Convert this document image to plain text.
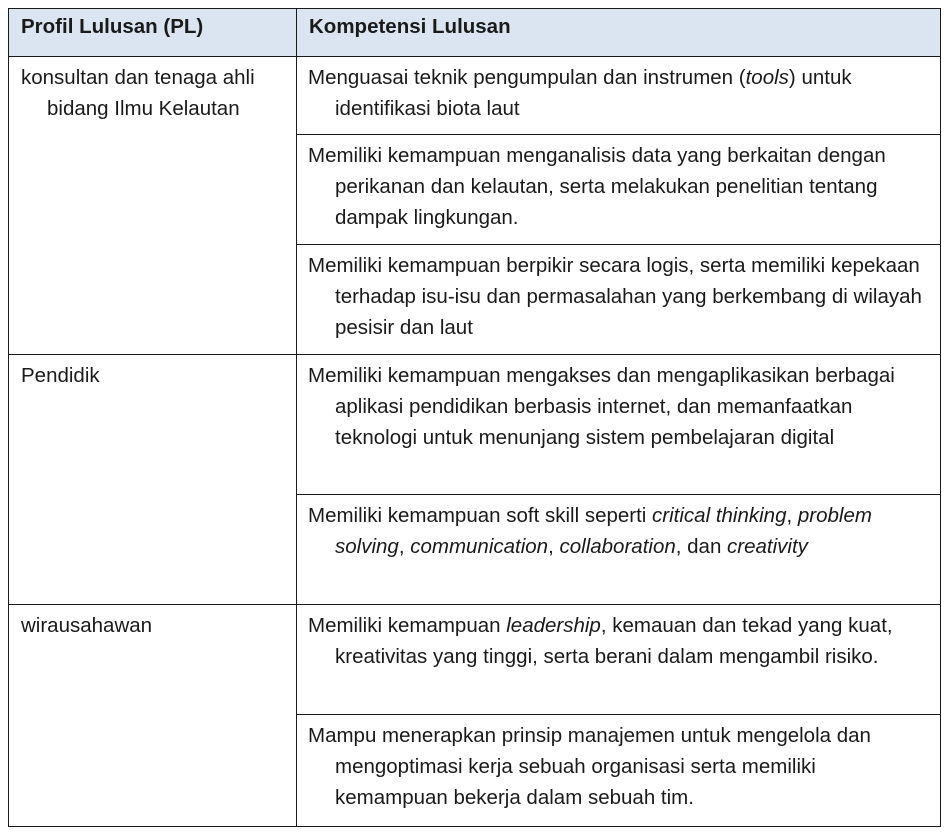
Profil Lulusan (PL)	Kompetensi Lulusan

konsultan dan tenaga ahli bidang Ilmu Kelautan	Menguasai teknik pengumpulan dan instrumen (tools) untuk identifikasi biota laut

	Memiliki kemampuan menganalisis data yang berkaitan dengan perikanan dan kelautan, serta melakukan penelitian tentang dampak lingkungan.

	Memiliki kemampuan berpikir secara logis, serta memiliki kepekaan terhadap isu-isu dan permasalahan yang berkembang di wilayah pesisir dan laut

Pendidik	Memiliki kemampuan mengakses dan mengaplikasikan berbagai aplikasi pendidikan berbasis internet, dan memanfaatkan teknologi untuk menunjang sistem pembelajaran digital

	Memiliki kemampuan soft skill seperti critical thinking, problem solving, communication, collaboration, dan creativity

wirausahawan	Memiliki kemampuan leadership, kemauan dan tekad yang kuat, kreativitas yang tinggi, serta berani dalam mengambil risiko.

	Mampu menerapkan prinsip manajemen untuk mengelola dan mengoptimasi kerja sebuah organisasi serta memiliki kemampuan bekerja dalam sebuah tim.
